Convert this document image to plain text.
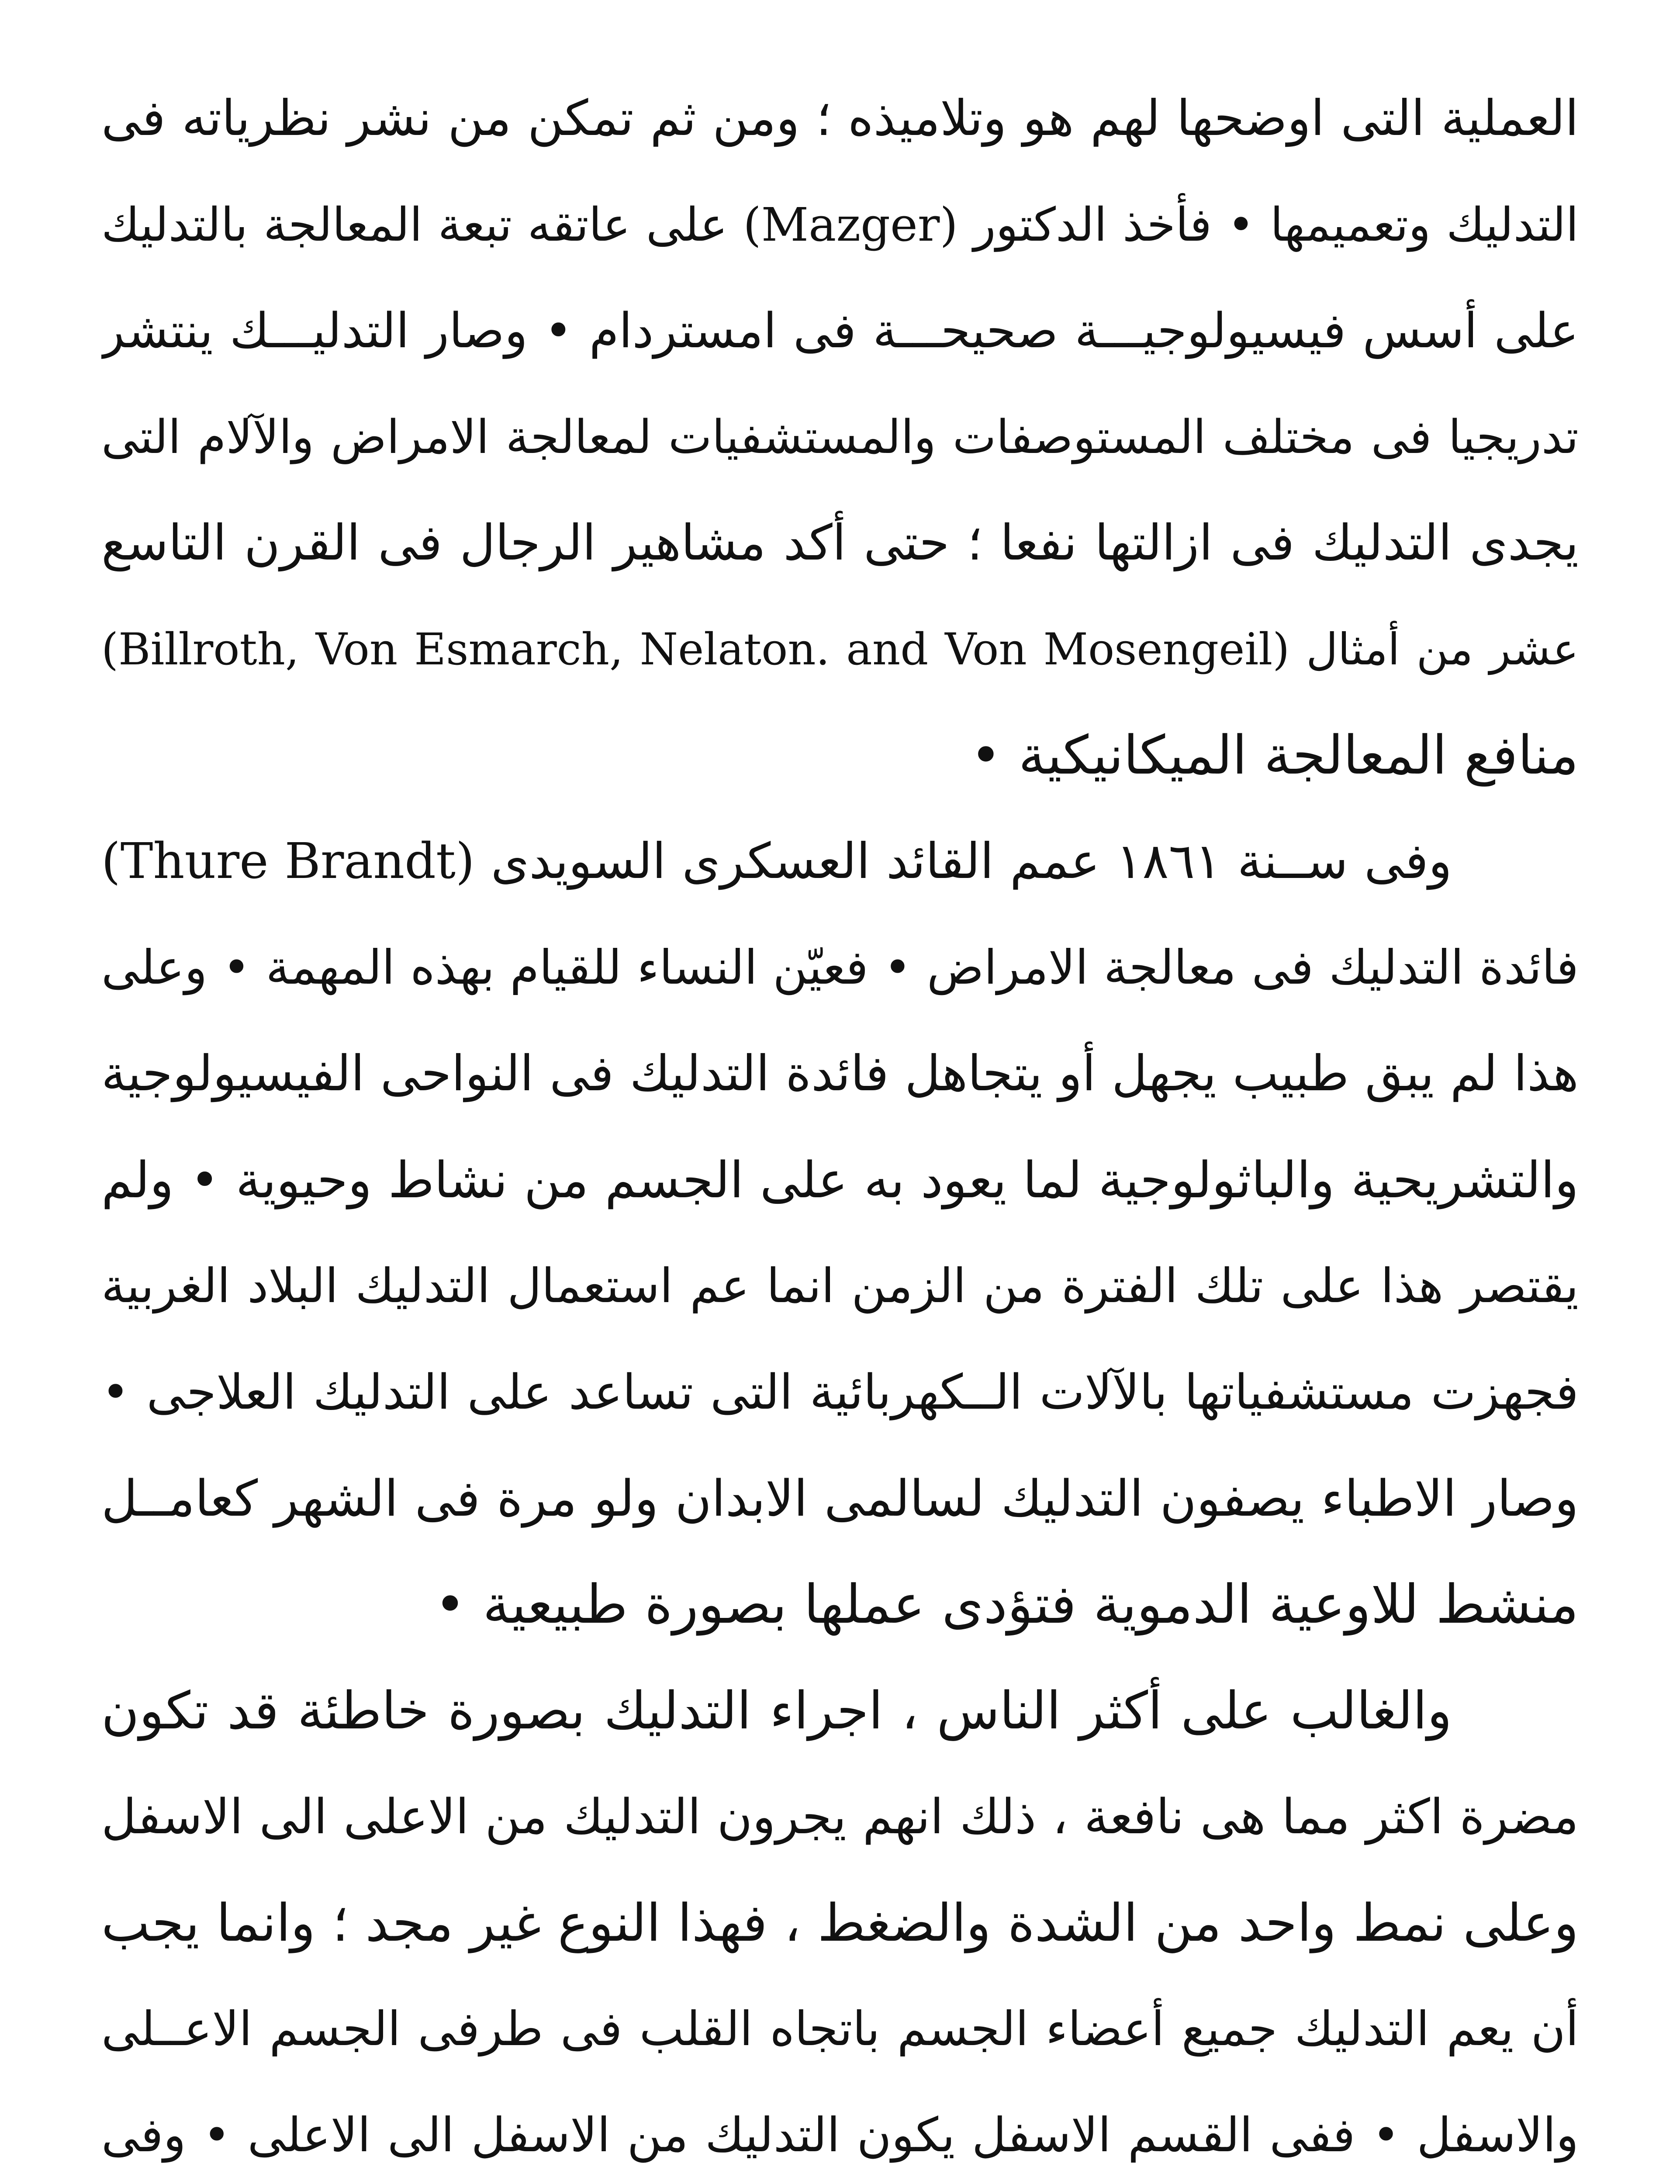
العملية التى اوضحها لهم هو وتلاميذه ؛ ومن ثم تمكن من نشر نظرياته فى
التدليك وتعميمها • فأخذ الدكتور (Mazger) على عاتقه تبعة المعالجة بالتدليك
على أسس فيسيولوجيـــة صحيحـــة فى امستردام • وصار التدليـــك ينتشر
تدريجيا فى مختلف المستوصفات والمستشفيات لمعالجة الامراض والآلام التى
يجدى التدليك فى ازالتها نفعا ؛ حتى أكد مشاهير الرجال فى القرن التاسع
عشر من أمثال (Billroth, Von Esmarch, Nelaton. and Von Mosengeil)
منافع المعالجة الميكانيكية •
وفى ســنة ١٨٦١ عمم القائد العسكرى السويدى (Thure Brandt)
فائدة التدليك فى معالجة الامراض • فعيّن النساء للقيام بهذه المهمة • وعلى
هذا لم يبق طبيب يجهل أو يتجاهل فائدة التدليك فى النواحى الفيسيولوجية
والتشريحية والباثولوجية لما يعود به على الجسم من نشاط وحيوية • ولم
يقتصر هذا على تلك الفترة من الزمن انما عم استعمال التدليك البلاد الغربية
فجهزت مستشفياتها بالآلات الــكهربائية التى تساعد على التدليك العلاجى •
وصار الاطباء يصفون التدليك لسالمى الابدان ولو مرة فى الشهر كعامــل
منشط للاوعية الدموية فتؤدى عملها بصورة طبيعية •
والغالب على أكثر الناس ، اجراء التدليك بصورة خاطئة قد تكون
مضرة اكثر مما هى نافعة ، ذلك انهم يجرون التدليك من الاعلى الى الاسفل
وعلى نمط واحد من الشدة والضغط ، فهذا النوع غير مجد ؛ وانما يجب
أن يعم التدليك جميع أعضاء الجسم باتجاه القلب فى طرفى الجسم الاعــلى
والاسفل • ففى القسم الاسفل يكون التدليك من الاسفل الى الاعلى • وفى
